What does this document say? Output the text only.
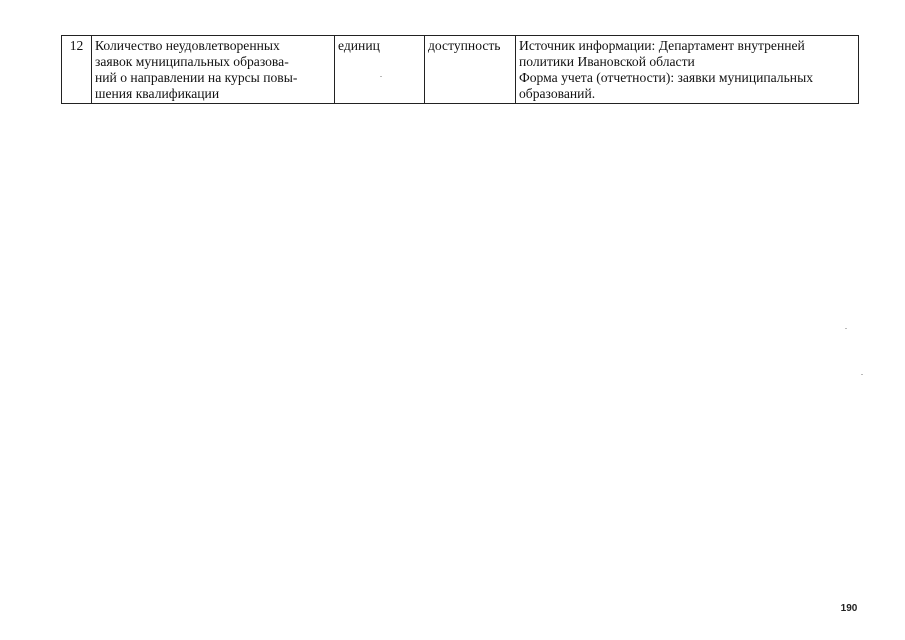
12	Количество неудовлетворенных
заявок муниципальных образова-
ний о направлении на курсы повы-
шения квалификации
	единиц	доступность	Источник информации: Департамент внутренней
политики Ивановской области
Форма учета (отчетности): заявки муниципальных
образований.
190
